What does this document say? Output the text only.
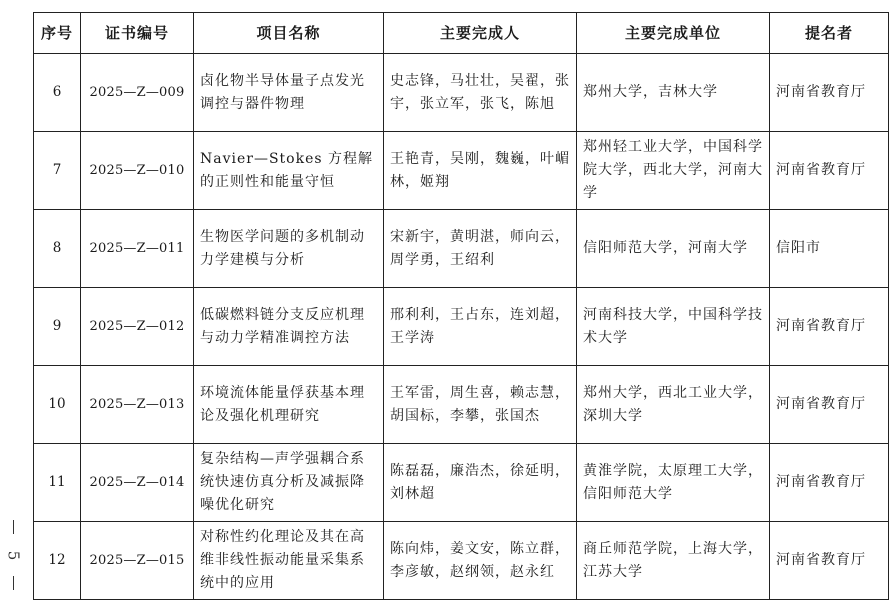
序号	证书编号	项目名称	主要完成人	主要完成单位	提名者
6	2025—Z—009	卤化物半导体量子点发光调控与器件物理	史志锋，马壮壮，吴翟，张宇，张立军，张飞，陈旭	郑州大学，吉林大学	河南省教育厅
7	2025—Z—010	Navier—Stokes 方程解的正则性和能量守恒	王艳青，吴刚，魏巍，叶嵋林，姬翔	郑州轻工业大学，中国科学院大学，西北大学，河南大学	河南省教育厅
8	2025—Z—011	生物医学问题的多机制动力学建模与分析	宋新宇，黄明湛，师向云，周学勇，王绍利	信阳师范大学，河南大学	信阳市
9	2025—Z—012	低碳燃料链分支反应机理与动力学精准调控方法	邢利利，王占东，连刘超，王学涛	河南科技大学，中国科学技术大学	河南省教育厅
10	2025—Z—013	环境流体能量俘获基本理论及强化机理研究	王军雷，周生喜，赖志慧，胡国标，李攀，张国杰	郑州大学，西北工业大学，深圳大学	河南省教育厅
11	2025—Z—014	复杂结构—声学强耦合系统快速仿真分析及减振降噪优化研究	陈磊磊，廉浩杰，徐延明，刘林超	黄淮学院，太原理工大学，信阳师范大学	河南省教育厅
12	2025—Z—015	对称性约化理论及其在高维非线性振动能量采集系统中的应用	陈向炜，姜文安，陈立群，李彦敏，赵纲领，赵永红	商丘师范学院，上海大学，江苏大学	河南省教育厅
5
